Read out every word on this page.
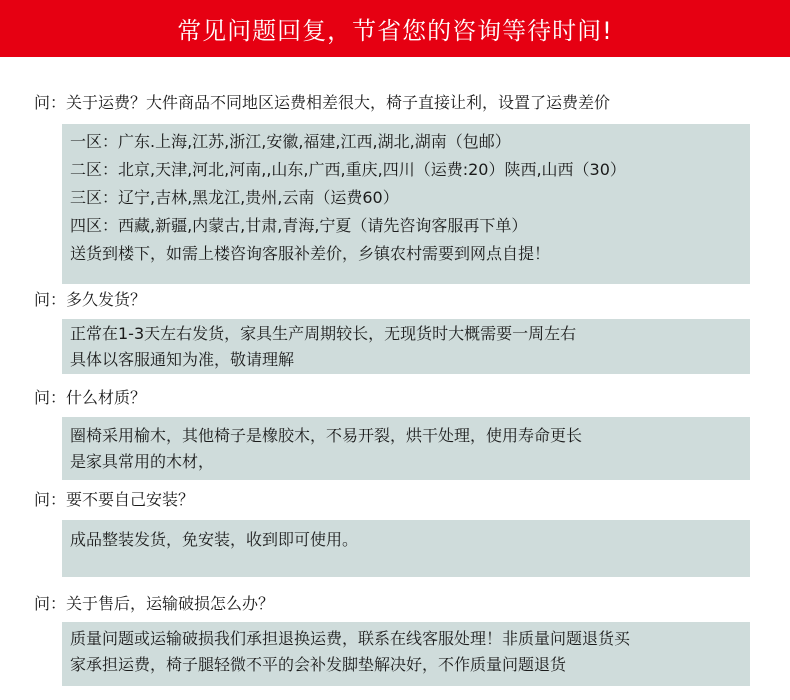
常见问题回复，节省您的咨询等待时间!
问：关于运费？大件商品不同地区运费相差很大，椅子直接让利，设置了运费差价
一区：广东.上海,江苏,浙江,安徽,福建,江西,湖北,湖南（包邮）
二区：北京,天津,河北,河南,,山东,广西,重庆,四川（运费:20）陕西,山西（30）
三区：辽宁,吉林,黑龙江,贵州,云南（运费60）
四区：西藏,新疆,内蒙古,甘肃,青海,宁夏（请先咨询客服再下单）
送货到楼下，如需上楼咨询客服补差价，乡镇农村需要到网点自提！
问：多久发货？
正常在1-3天左右发货，家具生产周期较长，无现货时大概需要一周左右
具体以客服通知为准，敬请理解
问：什么材质？
圈椅采用榆木，其他椅子是橡胶木，不易开裂，烘干处理，使用寿命更长
是家具常用的木材，
问：要不要自己安装？
成品整装发货，免安装，收到即可使用。
问：关于售后，运输破损怎么办？
质量问题或运输破损我们承担退换运费，联系在线客服处理！非质量问题退货买
家承担运费，椅子腿轻微不平的会补发脚垫解决好，不作质量问题退货
